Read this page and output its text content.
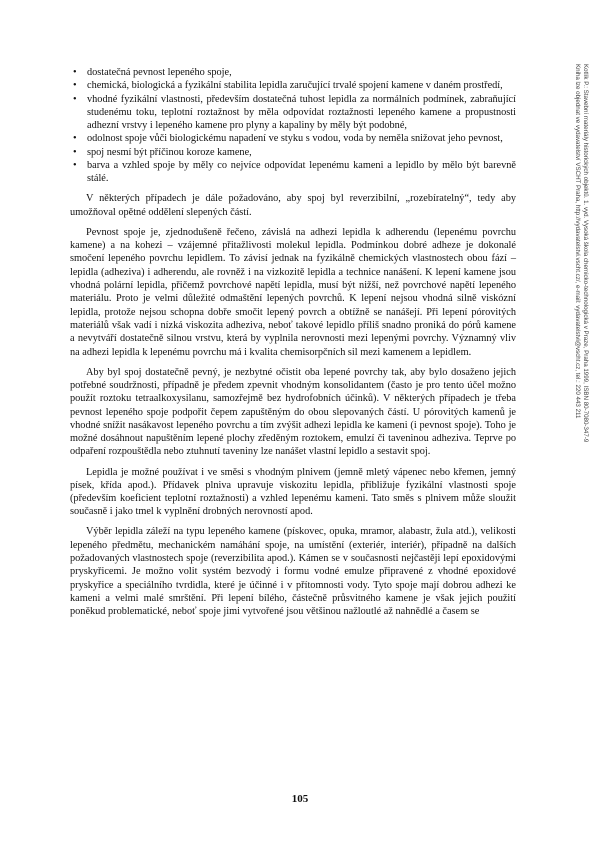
• dostatečná pevnost lepeného spoje,
• chemická, biologická a fyzikální stabilita lepidla zaručující trvalé spojení kamene v daném prostředí,
• vhodné fyzikální vlastnosti, především dostatečná tuhost lepidla za normálních podmínek, zabraňující studenému toku, teplotní roztažnost by měla odpovídat roztažnosti lepeného kamene a propustnosti adhezní vrstvy i lepeného kamene pro plyny a kapaliny by měly být podobné,
• odolnost spoje vůči biologickému napadení ve styku s vodou, voda by neměla snižovat jeho pevnost,
• spoj nesmí být příčinou koroze kamene,
• barva a vzhled spoje by měly co nejvíce odpovídat lepenému kameni a lepidlo by mělo být barevně stálé.

V některých případech je dále požadováno, aby spoj byl reverzibilní, „rozebíratelný“, tedy aby umožňoval opětné oddělení slepených částí.

Pevnost spoje je, zjednodušeně řečeno, závislá na adhezi lepidla k adherendu (lepenému povrchu kamene) a na kohezi – vzájemné přitažlivosti molekul lepidla. Podmínkou dobré adheze je dokonalé smočení lepeného povrchu lepidlem. To závisí jednak na fyzikálně chemických vlastnostech obou fází – lepidla (adheziva) i adherendu, ale rovněž i na vizkozitě lepidla a technice nanášení. K lepení kamene jsou vhodná polární lepidla, přičemž povrchové napětí lepidla, musí být nižší, než povrchové napětí lepeného materiálu. Proto je velmi důležité odmaštění lepených povrchů. K lepení nejsou vhodná silně viskózní lepidla, protože nejsou schopna dobře smočit lepený povrch a obtížně se nanášejí. Při lepení pórovitých materiálů však vadí i nízká viskozita adheziva, neboť takové lepidlo příliš snadno proniká do pórů kamene a nevytváří dostatečně silnou vrstvu, která by vyplnila nerovnosti mezi lepenými povrchy. Významný vliv na adhezi lepidla k lepenému povrchu má i kvalita chemisorpčních sil mezi kamenem a lepidlem.

Aby byl spoj dostatečně pevný, je nezbytné očistit oba lepené povrchy tak, aby bylo dosaženo jejich potřebné soudržnosti, případně je předem zpevnit vhodným konsolidantem (často je pro tento účel možno použít roztoku tetraalkoxysilanu, samozřejmě bez hydrofobních účinků). V některých případech je třeba pevnost lepeného spoje podpořit čepem zapuštěným do obou slepovaných částí. U pórovitých kamenů je vhodné snížit nasákavost lepeného povrchu a tím zvýšit adhezi lepidla ke kameni (i pevnost spoje). Toho je možné dosáhnout napuštěním lepené plochy zředěným roztokem, emulzí či taveninou adheziva. Teprve po odpaření rozpouštědla nebo ztuhnutí taveniny lze nanášet vlastní lepidlo a sestavit spoj.

Lepidla je možné používat i ve směsi s vhodným plnivem (jemně mletý vápenec nebo křemen, jemný písek, křída apod.). Přídavek plniva upravuje viskozitu lepidla, přibližuje fyzikální vlastnosti spoje (především koeficient teplotní roztažnosti) a vzhled lepenému kameni. Tato směs s plnivem může sloužit současně i jako tmel k vyplnění drobných nerovností apod.

Výběr lepidla záleží na typu lepeného kamene (pískovec, opuka, mramor, alabastr, žula atd.), velikosti lepeného předmětu, mechanickém namáhání spoje, na umístění (exteriér, interiér), případně na dalších požadovaných vlastnostech spoje (reverzibilita apod.). Kámen se v současnosti nejčastěji lepí epoxidovými pryskyřicemi. Je možno volit systém bezvodý i formu vodné emulze připravené z vhodné epoxidové pryskyřice a speciálního tvrdidla, které je účinné i v přítomnosti vody. Tyto spoje mají dobrou adhezi ke kameni a velmi malé smrštění. Při lepení bílého, částečně průsvitného kamene je však jejich použití poněkud problematické, neboť spoje jimi vytvořené jsou většinou nažloutlé až nahnědlé a časem se

Kotlík P.: Stavební materiály historických objektů. 1. vyd. Vysoká škola chemicko-technologická v Praze, Praha 1999, ISBN 80-7080-347-9
Kniha lze objednat ve vydavatelství VŠCHT Praha, http://vydavatelstvi.vscht.cz/, e-mail: vydavatelstvi@vscht.cz, tel.: 220 443 211
105
